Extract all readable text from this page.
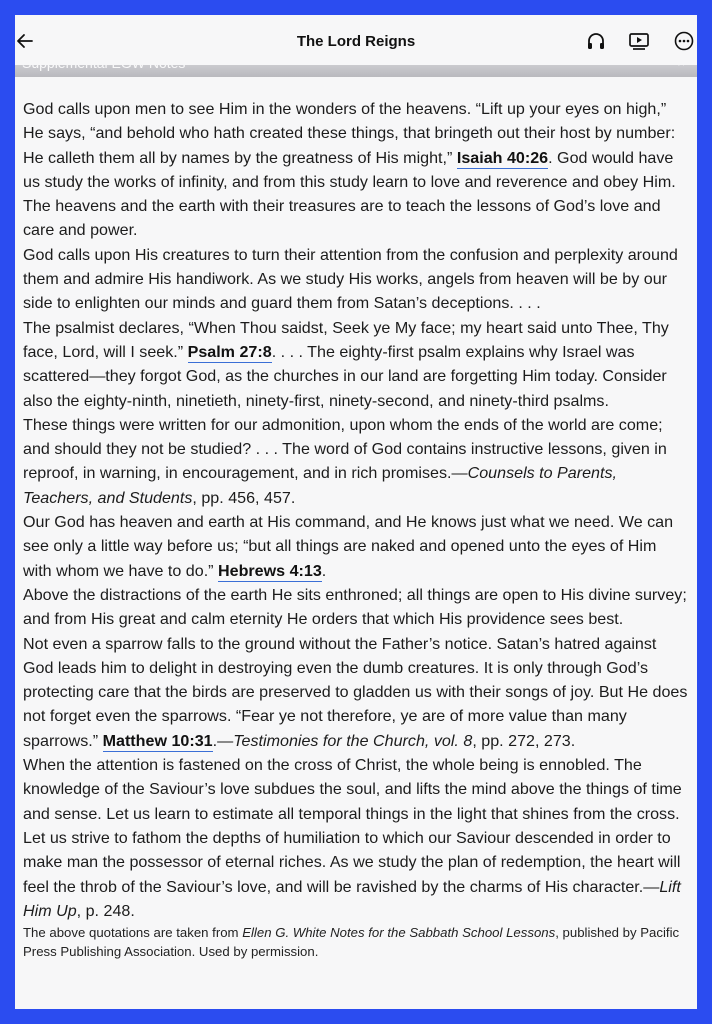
The Lord Reigns

God calls upon men to see Him in the wonders of the heavens. “Lift up your eyes on high,” He says, “and behold who hath created these things, that bringeth out their host by number: He calleth them all by names by the greatness of His might,” Isaiah 40:26. God would have us study the works of infinity, and from this study learn to love and reverence and obey Him. The heavens and the earth with their treasures are to teach the lessons of God’s love and care and power.

God calls upon His creatures to turn their attention from the confusion and perplexity around them and admire His handiwork. As we study His works, angels from heaven will be by our side to enlighten our minds and guard them from Satan’s deceptions. . . .

The psalmist declares, “When Thou saidst, Seek ye My face; my heart said unto Thee, Thy face, Lord, will I seek.” Psalm 27:8. . . . The eighty-first psalm explains why Israel was scattered—they forgot God, as the churches in our land are forgetting Him today. Consider also the eighty-ninth, ninetieth, ninety-first, ninety-second, and ninety-third psalms.

These things were written for our admonition, upon whom the ends of the world are come; and should they not be studied? . . . The word of God contains instructive lessons, given in reproof, in warning, in encouragement, and in rich promises.—Counsels to Parents, Teachers, and Students, pp. 456, 457.

Our God has heaven and earth at His command, and He knows just what we need. We can see only a little way before us; “but all things are naked and opened unto the eyes of Him with whom we have to do.” Hebrews 4:13.

Above the distractions of the earth He sits enthroned; all things are open to His divine survey; and from His great and calm eternity He orders that which His providence sees best.

Not even a sparrow falls to the ground without the Father’s notice. Satan’s hatred against God leads him to delight in destroying even the dumb creatures. It is only through God’s protecting care that the birds are preserved to gladden us with their songs of joy. But He does not forget even the sparrows. “Fear ye not therefore, ye are of more value than many sparrows.” Matthew 10:31.—Testimonies for the Church, vol. 8, pp. 272, 273.

When the attention is fastened on the cross of Christ, the whole being is ennobled. The knowledge of the Saviour’s love subdues the soul, and lifts the mind above the things of time and sense. Let us learn to estimate all temporal things in the light that shines from the cross. Let us strive to fathom the depths of humiliation to which our Saviour descended in order to make man the possessor of eternal riches. As we study the plan of redemption, the heart will feel the throb of the Saviour’s love, and will be ravished by the charms of His character.—Lift Him Up, p. 248.

The above quotations are taken from Ellen G. White Notes for the Sabbath School Lessons, published by Pacific Press Publishing Association. Used by permission.
